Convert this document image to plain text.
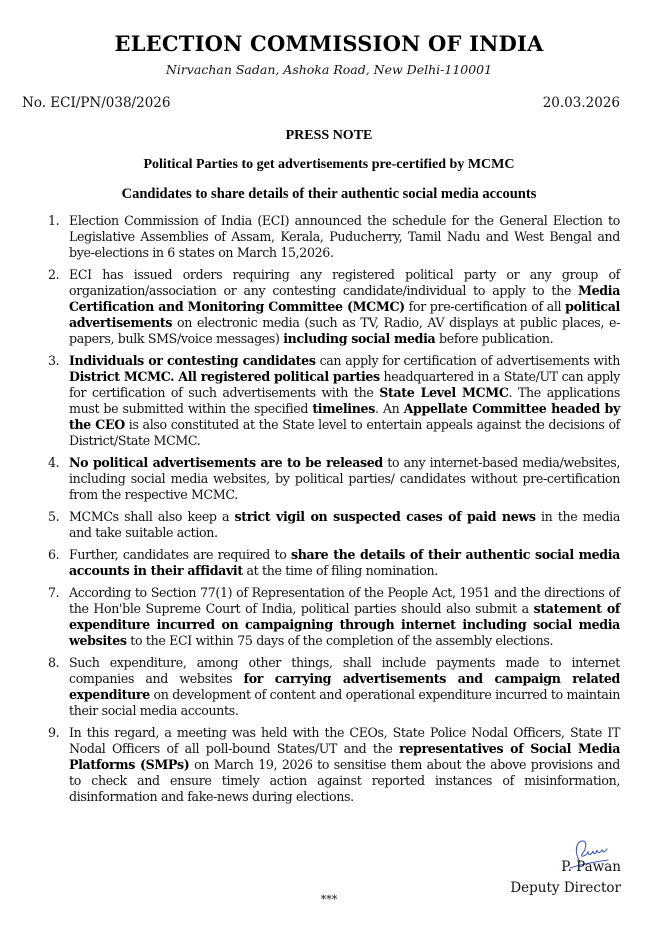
ELECTION COMMISSION OF INDIA
Nirvachan Sadan, Ashoka Road, New Delhi-110001
No. ECI/PN/038/2026	20.03.2026
PRESS NOTE
Political Parties to get advertisements pre-certified by MCMC
Candidates to share details of their authentic social media accounts
1. Election Commission of India (ECI) announced the schedule for the General Election to Legislative Assemblies of Assam, Kerala, Puducherry, Tamil Nadu and West Bengal and bye-elections in 6 states on March 15,2026.
2. ECI has issued orders requiring any registered political party or any group of organization/association or any contesting candidate/individual to apply to the Media Certification and Monitoring Committee (MCMC) for pre-certification of all political advertisements on electronic media (such as TV, Radio, AV displays at public places, e-papers, bulk SMS/voice messages) including social media before publication.
3. Individuals or contesting candidates can apply for certification of advertisements with District MCMC. All registered political parties headquartered in a State/UT can apply for certification of such advertisements with the State Level MCMC. The applications must be submitted within the specified timelines. An Appellate Committee headed by the CEO is also constituted at the State level to entertain appeals against the decisions of District/State MCMC.
4. No political advertisements are to be released to any internet-based media/websites, including social media websites, by political parties/ candidates without pre-certification from the respective MCMC.
5. MCMCs shall also keep a strict vigil on suspected cases of paid news in the media and take suitable action.
6. Further, candidates are required to share the details of their authentic social media accounts in their affidavit at the time of filing nomination.
7. According to Section 77(1) of Representation of the People Act, 1951 and the directions of the Hon'ble Supreme Court of India, political parties should also submit a statement of expenditure incurred on campaigning through internet including social media websites to the ECI within 75 days of the completion of the assembly elections.
8. Such expenditure, among other things, shall include payments made to internet companies and websites for carrying advertisements and campaign related expenditure on development of content and operational expenditure incurred to maintain their social media accounts.
9. In this regard, a meeting was held with the CEOs, State Police Nodal Officers, State IT Nodal Officers of all poll-bound States/UT and the representatives of Social Media Platforms (SMPs) on March 19, 2026 to sensitise them about the above provisions and to check and ensure timely action against reported instances of misinformation, disinformation and fake-news during elections.
P. Pawan
Deputy Director
***
